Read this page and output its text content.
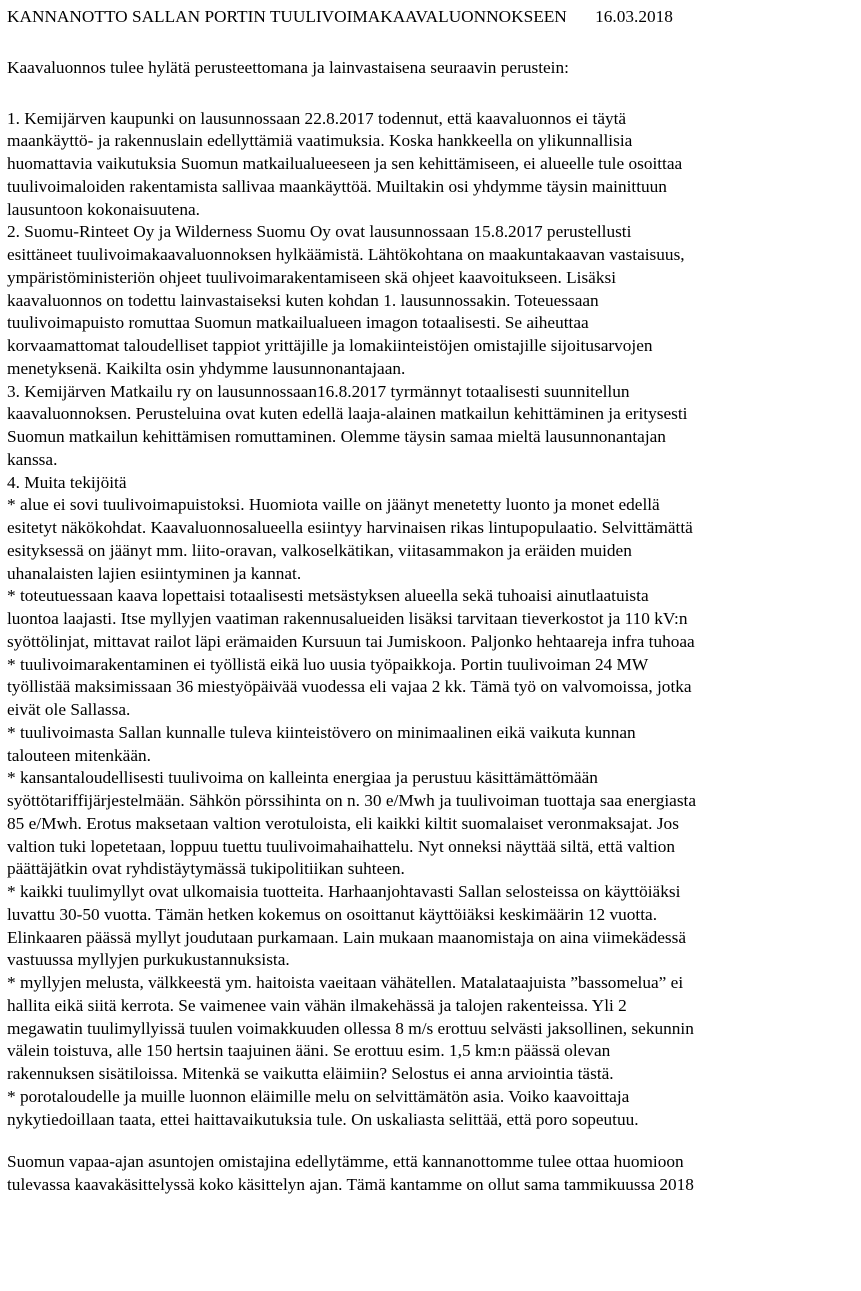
KANNANOTTO SALLAN PORTIN TUULIVOIMAKAAVALUONNOKSEEN 16.03.2018
Kaavaluonnos tulee hylätä perusteettomana ja lainvastaisena seuraavin perustein:
1. Kemijärven kaupunki on lausunnossaan 22.8.2017 todennut, että kaavaluonnos ei täytä
maankäyttö- ja rakennuslain edellyttämiä vaatimuksia. Koska hankkeella on ylikunnallisia
huomattavia vaikutuksia Suomun matkailualueeseen ja sen kehittämiseen, ei alueelle tule osoittaa
tuulivoimaloiden rakentamista sallivaa maankäyttöä. Muiltakin osi yhdymme täysin mainittuun
lausuntoon kokonaisuutena.
2. Suomu-Rinteet Oy ja Wilderness Suomu Oy ovat lausunnossaan 15.8.2017 perustellusti
esittäneet tuulivoimakaavaluonnoksen hylkäämistä. Lähtökohtana on maakuntakaavan vastaisuus,
ympäristöministeriön ohjeet tuulivoimarakentamiseen skä ohjeet kaavoitukseen. Lisäksi
kaavaluonnos on todettu lainvastaiseksi kuten kohdan 1. lausunnossakin. Toteuessaan
tuulivoimapuisto romuttaa Suomun matkailualueen imagon totaalisesti. Se aiheuttaa
korvaamattomat taloudelliset tappiot yrittäjille ja lomakiinteistöjen omistajille sijoitusarvojen
menetyksenä. Kaikilta osin yhdymme lausunnonantajaan.
3. Kemijärven Matkailu ry on lausunnossaan16.8.2017 tyrmännyt totaalisesti suunnitellun
kaavaluonnoksen. Perusteluina ovat kuten edellä laaja-alainen matkailun kehittäminen ja eritysesti
Suomun matkailun kehittämisen romuttaminen. Olemme täysin samaa mieltä lausunnonantajan
kanssa.
4. Muita tekijöitä
* alue ei sovi tuulivoimapuistoksi. Huomiota vaille on jäänyt menetetty luonto ja monet edellä
esitetyt näkökohdat. Kaavaluonnosalueella esiintyy harvinaisen rikas lintupopulaatio. Selvittämättä
esityksessä on jäänyt mm. liito-oravan, valkoselkätikan, viitasammakon ja eräiden muiden
uhanalaisten lajien esiintyminen ja kannat.
* toteutuessaan kaava lopettaisi totaalisesti metsästyksen alueella sekä tuhoaisi ainutlaatuista
luontoa laajasti. Itse myllyjen vaatiman rakennusalueiden lisäksi tarvitaan tieverkostot ja 110 kV:n
syöttölinjat, mittavat railot läpi erämaiden Kursuun tai Jumiskoon. Paljonko hehtaareja infra tuhoaa
* tuulivoimarakentaminen ei työllistä eikä luo uusia työpaikkoja. Portin tuulivoiman 24 MW
työllistää maksimissaan 36 miestyöpäivää vuodessa eli vajaa 2 kk. Tämä työ on valvomoissa, jotka
eivät ole Sallassa.
* tuulivoimasta Sallan kunnalle tuleva kiinteistövero on minimaalinen eikä vaikuta kunnan
talouteen mitenkään.
* kansantaloudellisesti tuulivoima on kalleinta energiaa ja perustuu käsittämättömään
syöttötariffijärjestelmään. Sähkön pörssihinta on n. 30 e/Mwh ja tuulivoiman tuottaja saa energiasta
85 e/Mwh. Erotus maksetaan valtion verotuloista, eli kaikki kiltit suomalaiset veronmaksajat. Jos
valtion tuki lopetetaan, loppuu tuettu tuulivoimahaihattelu. Nyt onneksi näyttää siltä, että valtion
päättäjätkin ovat ryhdistäytymässä tukipolitiikan suhteen.
* kaikki tuulimyllyt ovat ulkomaisia tuotteita. Harhaanjohtavasti Sallan selosteissa on käyttöiäksi
luvattu 30-50 vuotta. Tämän hetken kokemus on osoittanut käyttöiäksi keskimäärin 12 vuotta.
Elinkaaren päässä myllyt joudutaan purkamaan. Lain mukaan maanomistaja on aina viimekädessä
vastuussa myllyjen purkukustannuksista.
* myllyjen melusta, välkkeestä ym. haitoista vaeitaan vähätellen. Matalataajuista ”bassomelua” ei
hallita eikä siitä kerrota. Se vaimenee vain vähän ilmakehässä ja talojen rakenteissa. Yli 2
megawatin tuulimyllyissä tuulen voimakkuuden ollessa 8 m/s erottuu selvästi jaksollinen, sekunnin
välein toistuva, alle 150 hertsin taajuinen ääni. Se erottuu esim. 1,5 km:n päässä olevan
rakennuksen sisätiloissa. Mitenkä se vaikutta eläimiin? Selostus ei anna arviointia tästä.
* porotaloudelle ja muille luonnon eläimille melu on selvittämätön asia. Voiko kaavoittaja
nykytiedoillaan taata, ettei haittavaikutuksia tule. On uskaliasta selittää, että poro sopeutuu.
Suomun vapaa-ajan asuntojen omistajina edellytämme, että kannanottomme tulee ottaa huomioon
tulevassa kaavakäsittelyssä koko käsittelyn ajan. Tämä kantamme on ollut sama tammikuussa 2018
